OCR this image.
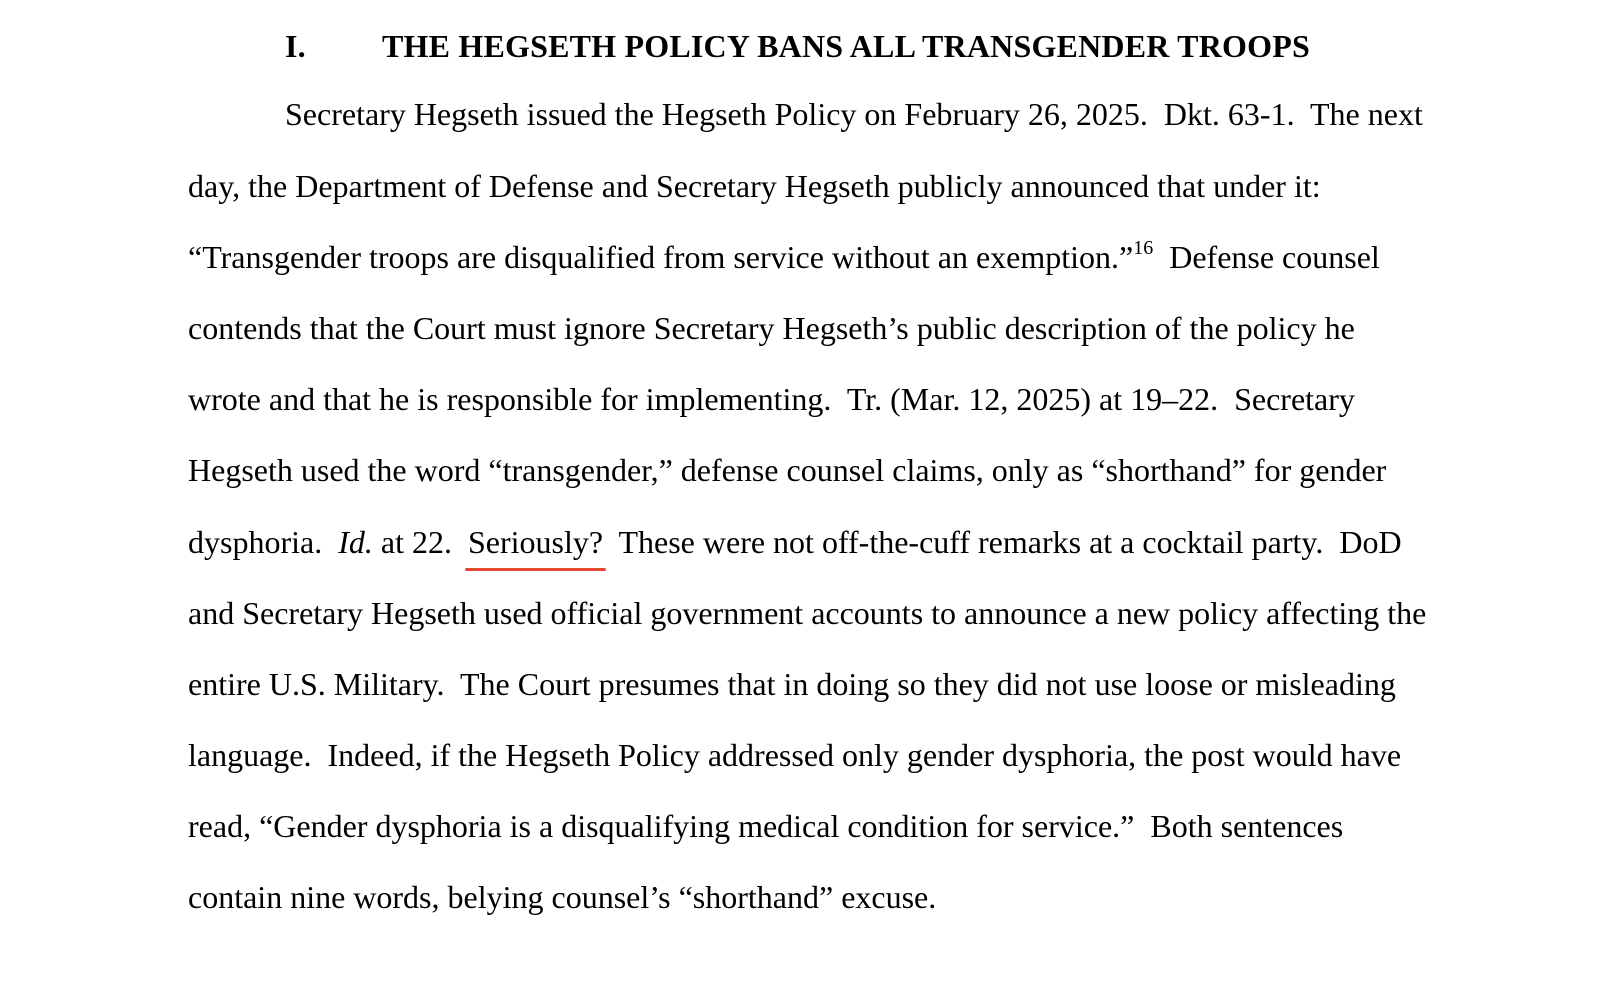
I. THE HEGSETH POLICY BANS ALL TRANSGENDER TROOPS
Secretary Hegseth issued the Hegseth Policy on February 26, 2025.  Dkt. 63-1.  The next
day, the Department of Defense and Secretary Hegseth publicly announced that under it:
“Transgender troops are disqualified from service without an exemption.”$^{16}$  Defense counsel
contends that the Court must ignore Secretary Hegseth’s public description of the policy he
wrote and that he is responsible for implementing.  Tr. (Mar. 12, 2025) at 19–22.  Secretary
Hegseth used the word “transgender,” defense counsel claims, only as “shorthand” for gender
dysphoria.  Id. at 22.  Seriously?  These were not off-the-cuff remarks at a cocktail party.  DoD
and Secretary Hegseth used official government accounts to announce a new policy affecting the
entire U.S. Military.  The Court presumes that in doing so they did not use loose or misleading
language.  Indeed, if the Hegseth Policy addressed only gender dysphoria, the post would have
read, “Gender dysphoria is a disqualifying medical condition for service.”  Both sentences
contain nine words, belying counsel’s “shorthand” excuse.
